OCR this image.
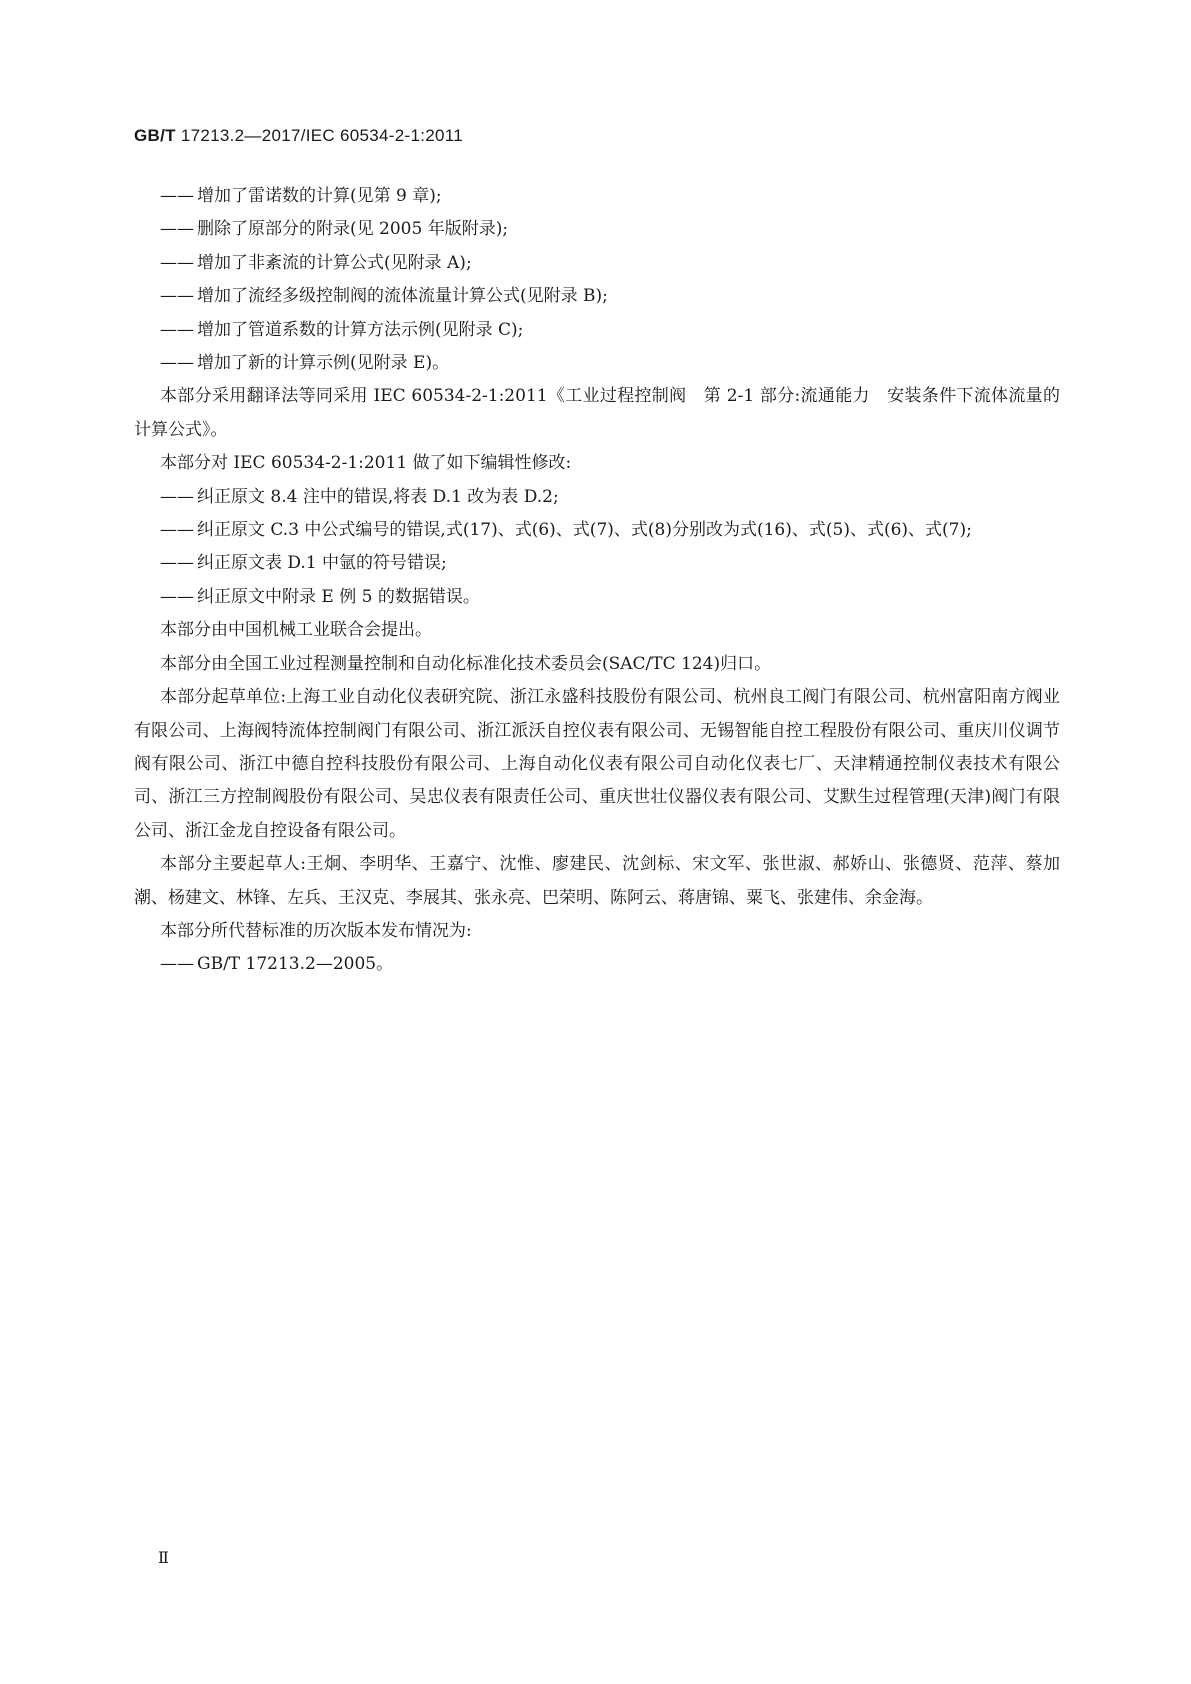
GB/T 17213.2—2017/IEC 60534-2-1:2011

—— 增加了雷诺数的计算(见第 9 章);

—— 删除了原部分的附录(见 2005 年版附录);

—— 增加了非紊流的计算公式(见附录 A);

—— 增加了流经多级控制阀的流体流量计算公式(见附录 B);

—— 增加了管道系数的计算方法示例(见附录 C);

—— 增加了新的计算示例(见附录 E)。

本部分采用翻译法等同采用 IEC 60534-2-1:2011《工业过程控制阀　第 2-1 部分:流通能力　安装条件下流体流量的计算公式》。

本部分对 IEC 60534-2-1:2011 做了如下编辑性修改:

—— 纠正原文 8.4 注中的错误,将表 D.1 改为表 D.2;

—— 纠正原文 C.3 中公式编号的错误,式(17)、式(6)、式(7)、式(8)分别改为式(16)、式(5)、式(6)、式(7);

—— 纠正原文表 D.1 中氩的符号错误;

—— 纠正原文中附录 E 例 5 的数据错误。

本部分由中国机械工业联合会提出。

本部分由全国工业过程测量控制和自动化标准化技术委员会(SAC/TC 124)归口。

本部分起草单位:上海工业自动化仪表研究院、浙江永盛科技股份有限公司、杭州良工阀门有限公司、杭州富阳南方阀业有限公司、上海阀特流体控制阀门有限公司、浙江派沃自控仪表有限公司、无锡智能自控工程股份有限公司、重庆川仪调节阀有限公司、浙江中德自控科技股份有限公司、上海自动化仪表有限公司自动化仪表七厂、天津精通控制仪表技术有限公司、浙江三方控制阀股份有限公司、吴忠仪表有限责任公司、重庆世壮仪器仪表有限公司、艾默生过程管理(天津)阀门有限公司、浙江金龙自控设备有限公司。

本部分主要起草人:王炯、李明华、王嘉宁、沈惟、廖建民、沈剑标、宋文军、张世淑、郝娇山、张德贤、范萍、蔡加潮、杨建文、林锋、左兵、王汉克、李展其、张永亮、巴荣明、陈阿云、蒋唐锦、粟飞、张建伟、余金海。

本部分所代替标准的历次版本发布情况为:

—— GB/T 17213.2—2005。

Ⅱ
